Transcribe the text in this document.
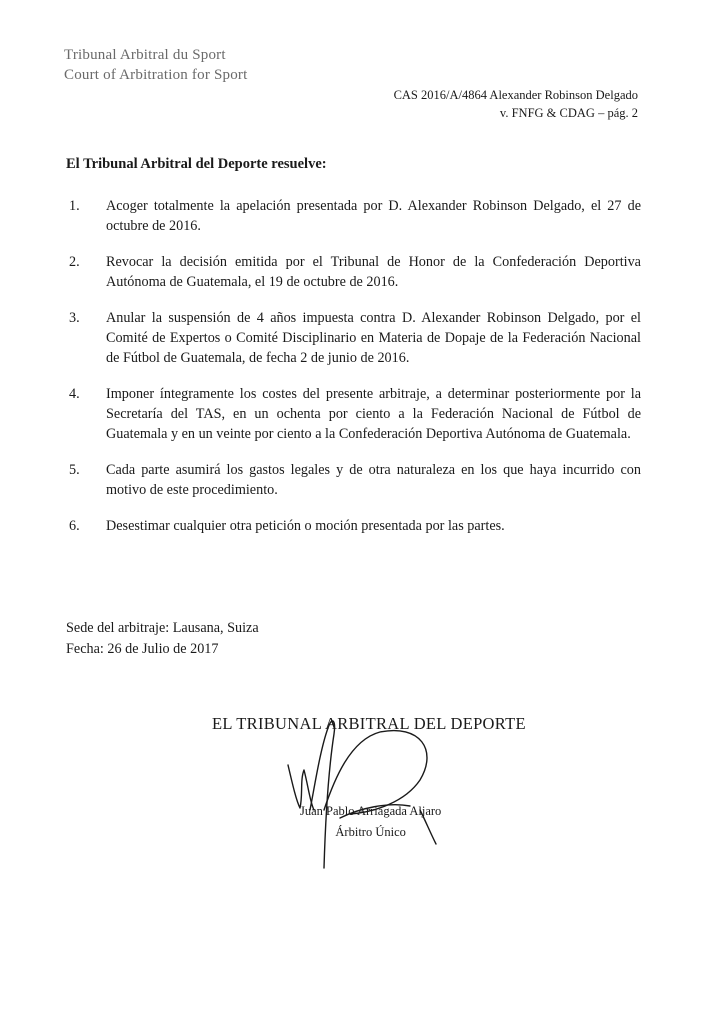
Tribunal Arbitral du Sport
Court of Arbitration for Sport
CAS 2016/A/4864 Alexander Robinson Delgado
v. FNFG & CDAG – pág. 2
El Tribunal Arbitral del Deporte resuelve:
1. Acoger totalmente la apelación presentada por D. Alexander Robinson Delgado, el 27 de octubre de 2016.
2. Revocar la decisión emitida por el Tribunal de Honor de la Confederación Deportiva Autónoma de Guatemala, el 19 de octubre de 2016.
3. Anular la suspensión de 4 años impuesta contra D. Alexander Robinson Delgado, por el Comité de Expertos o Comité Disciplinario en Materia de Dopaje de la Federación Nacional de Fútbol de Guatemala, de fecha 2 de junio de 2016.
4. Imponer íntegramente los costes del presente arbitraje, a determinar posteriormente por la Secretaría del TAS, en un ochenta por ciento a la Federación Nacional de Fútbol de Guatemala y en un veinte por ciento a la Confederación Deportiva Autónoma de Guatemala.
5. Cada parte asumirá los gastos legales y de otra naturaleza en los que haya incurrido con motivo de este procedimiento.
6. Desestimar cualquier otra petición o moción presentada por las partes.
Sede del arbitraje: Lausana, Suiza
Fecha: 26 de Julio de 2017
EL TRIBUNAL ARBITRAL DEL DEPORTE
Juan Pablo Arriagada Aljaro
Árbitro Único
